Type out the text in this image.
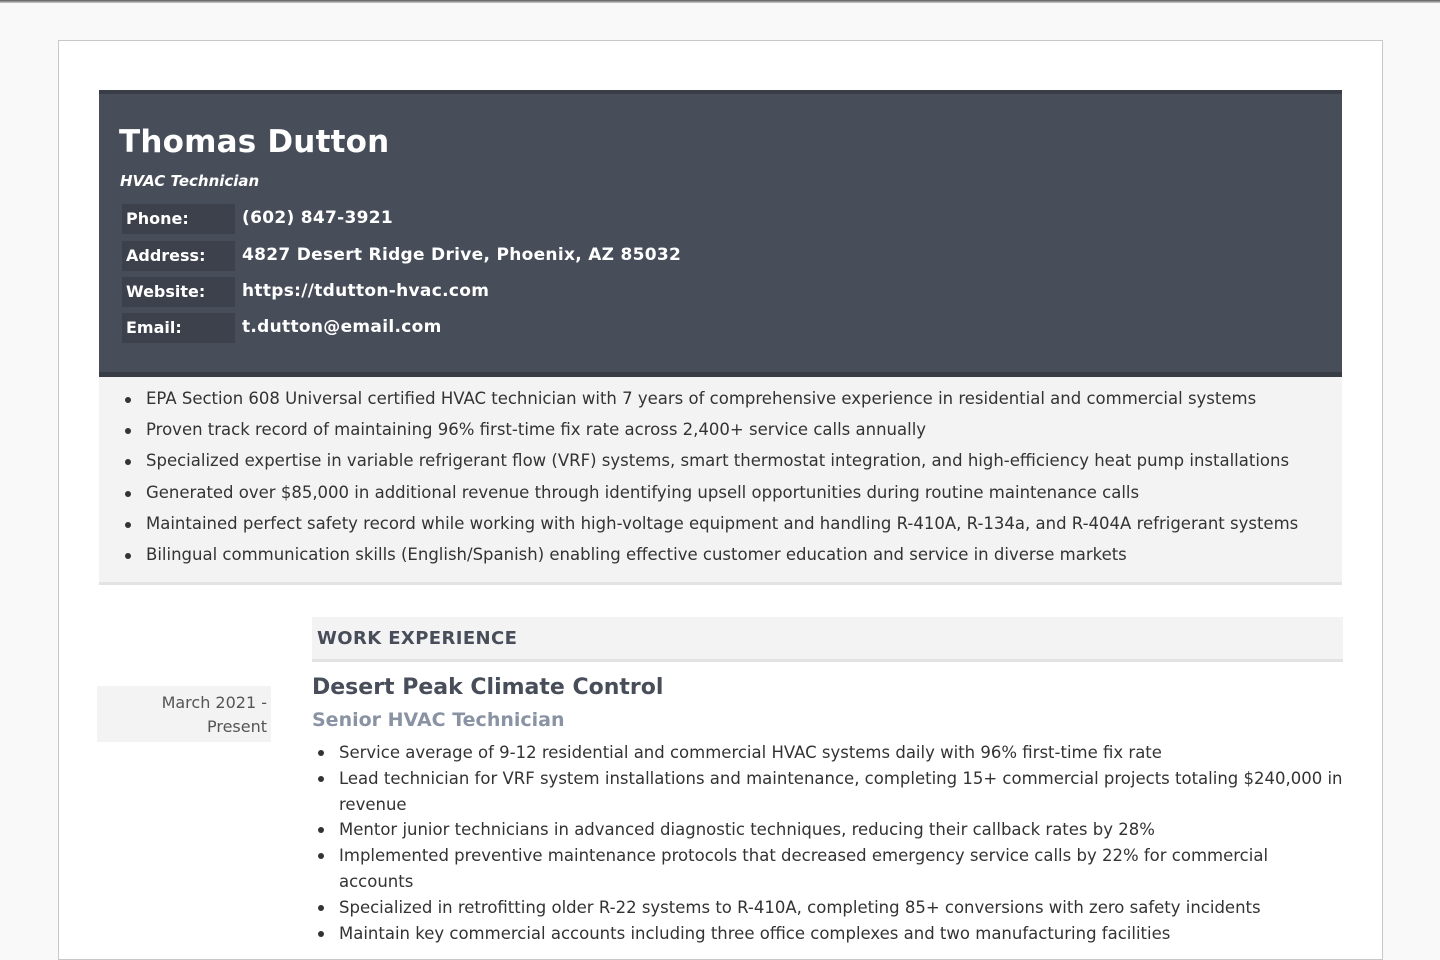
Thomas Dutton
HVAC Technician
Phone:	(602) 847-3921
Address:	4827 Desert Ridge Drive, Phoenix, AZ 85032
Website:	https://tdutton-hvac.com
Email:	t.dutton@email.com
EPA Section 608 Universal certified HVAC technician with 7 years of comprehensive experience in residential and commercial systems
Proven track record of maintaining 96% first-time fix rate across 2,400+ service calls annually
Specialized expertise in variable refrigerant flow (VRF) systems, smart thermostat integration, and high-efficiency heat pump installations
Generated over $85,000 in additional revenue through identifying upsell opportunities during routine maintenance calls
Maintained perfect safety record while working with high-voltage equipment and handling R-410A, R-134a, and R-404A refrigerant systems
Bilingual communication skills (English/Spanish) enabling effective customer education and service in diverse markets
WORK EXPERIENCE
March 2021 - Present
Desert Peak Climate Control
Senior HVAC Technician
Service average of 9-12 residential and commercial HVAC systems daily with 96% first-time fix rate
Lead technician for VRF system installations and maintenance, completing 15+ commercial projects totaling $240,000 in revenue
Mentor junior technicians in advanced diagnostic techniques, reducing their callback rates by 28%
Implemented preventive maintenance protocols that decreased emergency service calls by 22% for commercial accounts
Specialized in retrofitting older R-22 systems to R-410A, completing 85+ conversions with zero safety incidents
Maintain key commercial accounts including three office complexes and two manufacturing facilities
